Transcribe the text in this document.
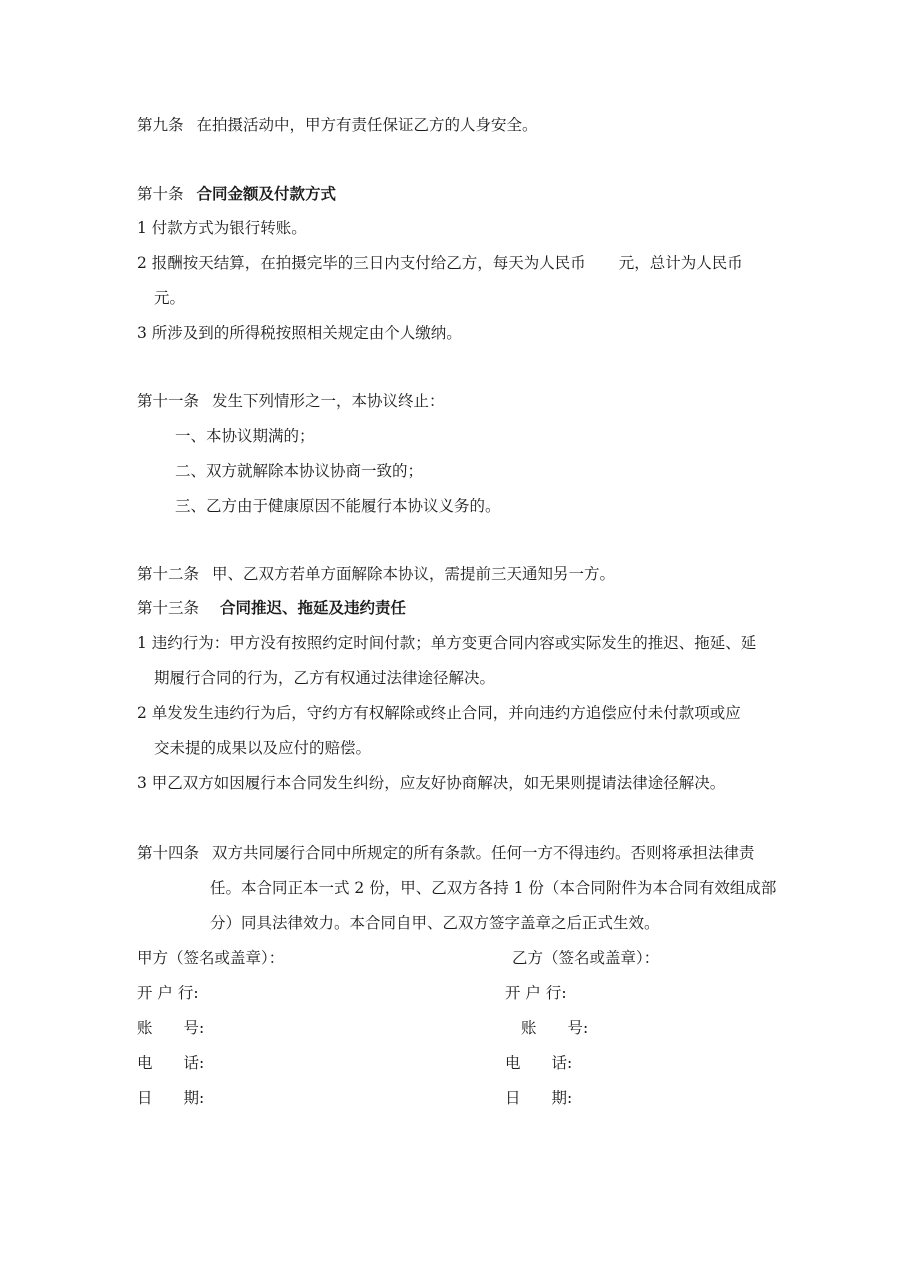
第九条 在拍摄活动中，甲方有责任保证乙方的人身安全。
第十条 合同金额及付款方式
1 付款方式为银行转账。
2 报酬按天结算，在拍摄完毕的三日内支付给乙方，每天为人民币 元，总计为人民币
元。
3 所涉及到的所得税按照相关规定由个人缴纳。
第十一条 发生下列情形之一，本协议终止：
一、本协议期满的；
二、双方就解除本协议协商一致的；
三、乙方由于健康原因不能履行本协议义务的。
第十二条 甲、乙双方若单方面解除本协议，需提前三天通知另一方。
第十三条 合同推迟、拖延及违约责任
1 违约行为：甲方没有按照约定时间付款；单方变更合同内容或实际发生的推迟、拖延、延
期履行合同的行为，乙方有权通过法律途径解决。
2 单发发生违约行为后，守约方有权解除或终止合同，并向违约方追偿应付未付款项或应
交未提的成果以及应付的赔偿。
3 甲乙双方如因履行本合同发生纠纷，应友好协商解决，如无果则提请法律途径解决。
第十四条 双方共同屡行合同中所规定的所有条款。任何一方不得违约。否则将承担法律责
任。本合同正本一式 2 份，甲、乙双方各持 1 份（本合同附件为本合同有效组成部
分）同具法律效力。本合同自甲、乙双方签字盖章之后正式生效。
甲方（签名或盖章）：
开 户 行:
账　　号:
电　　话:
日　　期:
乙方（签名或盖章）：
开 户 行:
账　　号:
电　　话:
日　　期:
